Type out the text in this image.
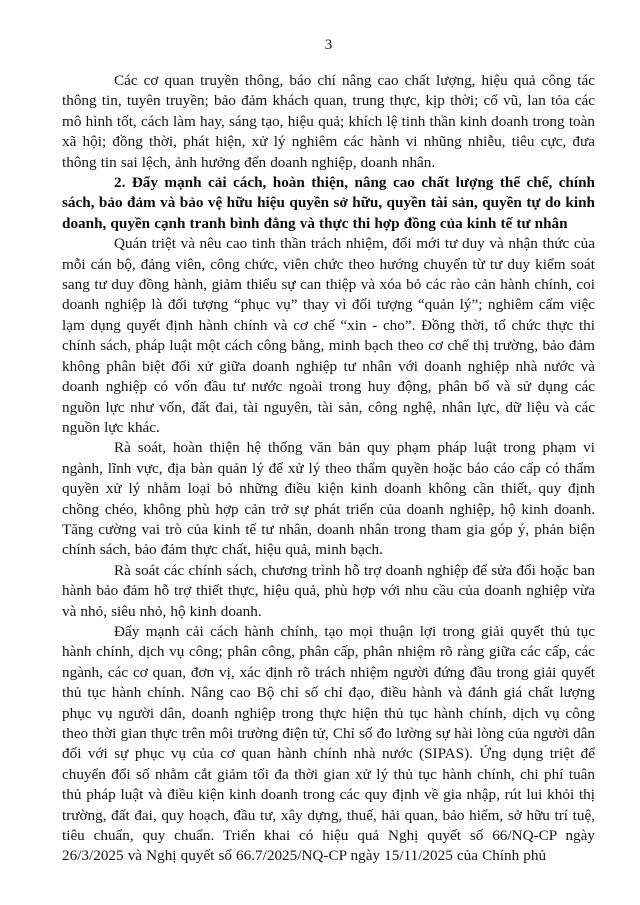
3

Các cơ quan truyền thông, báo chí nâng cao chất lượng, hiệu quả công tác thông tin, tuyên truyền; bảo đảm khách quan, trung thực, kịp thời; cổ vũ, lan tỏa các mô hình tốt, cách làm hay, sáng tạo, hiệu quả; khích lệ tinh thần kinh doanh trong toàn xã hội; đồng thời, phát hiện, xử lý nghiêm các hành vi nhũng nhiễu, tiêu cực, đưa thông tin sai lệch, ảnh hưởng đến doanh nghiệp, doanh nhân.

2. Đẩy mạnh cải cách, hoàn thiện, nâng cao chất lượng thể chế, chính sách, bảo đảm và bảo vệ hữu hiệu quyền sở hữu, quyền tài sản, quyền tự do kinh doanh, quyền cạnh tranh bình đẳng và thực thi hợp đồng của kinh tế tư nhân

Quán triệt và nêu cao tinh thần trách nhiệm, đổi mới tư duy và nhận thức của mỗi cán bộ, đảng viên, công chức, viên chức theo hướng chuyển từ tư duy kiểm soát sang tư duy đồng hành, giảm thiểu sự can thiệp và xóa bỏ các rào cản hành chính, coi doanh nghiệp là đối tượng “phục vụ” thay vì đối tượng “quản lý”; nghiêm cấm việc lạm dụng quyết định hành chính và cơ chế “xin - cho”. Đồng thời, tổ chức thực thi chính sách, pháp luật một cách công bằng, minh bạch theo cơ chế thị trường, bảo đảm không phân biệt đối xử giữa doanh nghiệp tư nhân với doanh nghiệp nhà nước và doanh nghiệp có vốn đầu tư nước ngoài trong huy động, phân bổ và sử dụng các nguồn lực như vốn, đất đai, tài nguyên, tài sản, công nghệ, nhân lực, dữ liệu và các nguồn lực khác.

Rà soát, hoàn thiện hệ thống văn bản quy phạm pháp luật trong phạm vi ngành, lĩnh vực, địa bàn quản lý để xử lý theo thẩm quyền hoặc báo cáo cấp có thẩm quyền xử lý nhằm loại bỏ những điều kiện kinh doanh không cần thiết, quy định chồng chéo, không phù hợp cản trở sự phát triển của doanh nghiệp, hộ kinh doanh. Tăng cường vai trò của kinh tế tư nhân, doanh nhân trong tham gia góp ý, phản biện chính sách, bảo đảm thực chất, hiệu quả, minh bạch.

Rà soát các chính sách, chương trình hỗ trợ doanh nghiệp để sửa đổi hoặc ban hành bảo đảm hỗ trợ thiết thực, hiệu quả, phù hợp với nhu cầu của doanh nghiệp vừa và nhỏ, siêu nhỏ, hộ kinh doanh.

Đẩy mạnh cải cách hành chính, tạo mọi thuận lợi trong giải quyết thủ tục hành chính, dịch vụ công; phân công, phân cấp, phân nhiệm rõ ràng giữa các cấp, các ngành, các cơ quan, đơn vị, xác định rõ trách nhiệm người đứng đầu trong giải quyết thủ tục hành chính. Nâng cao Bộ chỉ số chỉ đạo, điều hành và đánh giá chất lượng phục vụ người dân, doanh nghiệp trong thực hiện thủ tục hành chính, dịch vụ công theo thời gian thực trên môi trường điện tử, Chỉ số đo lường sự hài lòng của người dân đối với sự phục vụ của cơ quan hành chính nhà nước (SIPAS). Ứng dụng triệt để chuyển đổi số nhằm cắt giảm tối đa thời gian xử lý thủ tục hành chính, chi phí tuân thủ pháp luật và điều kiện kinh doanh trong các quy định về gia nhập, rút lui khỏi thị trường, đất đai, quy hoạch, đầu tư, xây dựng, thuế, hải quan, bảo hiểm, sở hữu trí tuệ, tiêu chuẩn, quy chuẩn. Triển khai có hiệu quả Nghị quyết số 66/NQ-CP ngày 26/3/2025 và Nghị quyết số 66.7/2025/NQ-CP ngày 15/11/2025 của Chính phủ
